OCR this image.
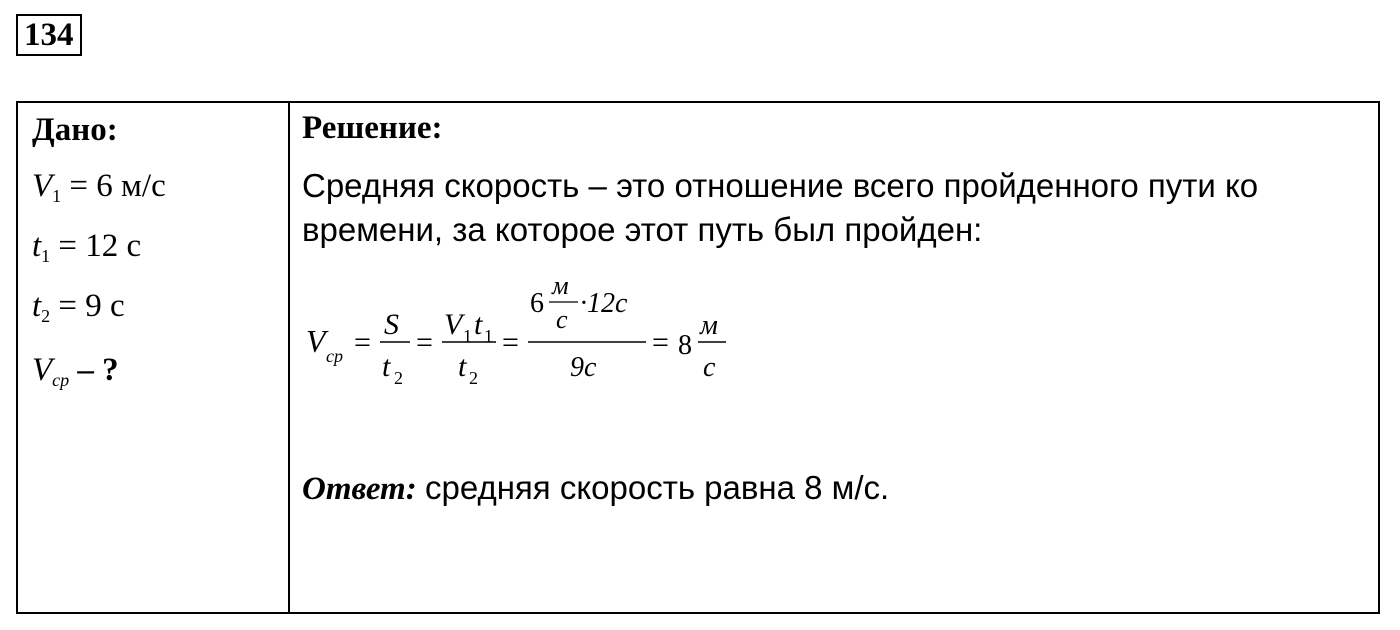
134
Дано:
$V_1 = 6$ м/с
$t_1 = 12$ с
$t_2 = 9$ с
$V_{ср}$ – ?
Решение:
Средняя скорость – это отношение всего пройденного пути ко времени, за которое этот путь был пройден:
V ср =
S
t 2
=
V 1 t 1
t 2
=
6
м
с
·12с
9с
= 8
м
с
Ответ: средняя скорость равна 8 м/с.
